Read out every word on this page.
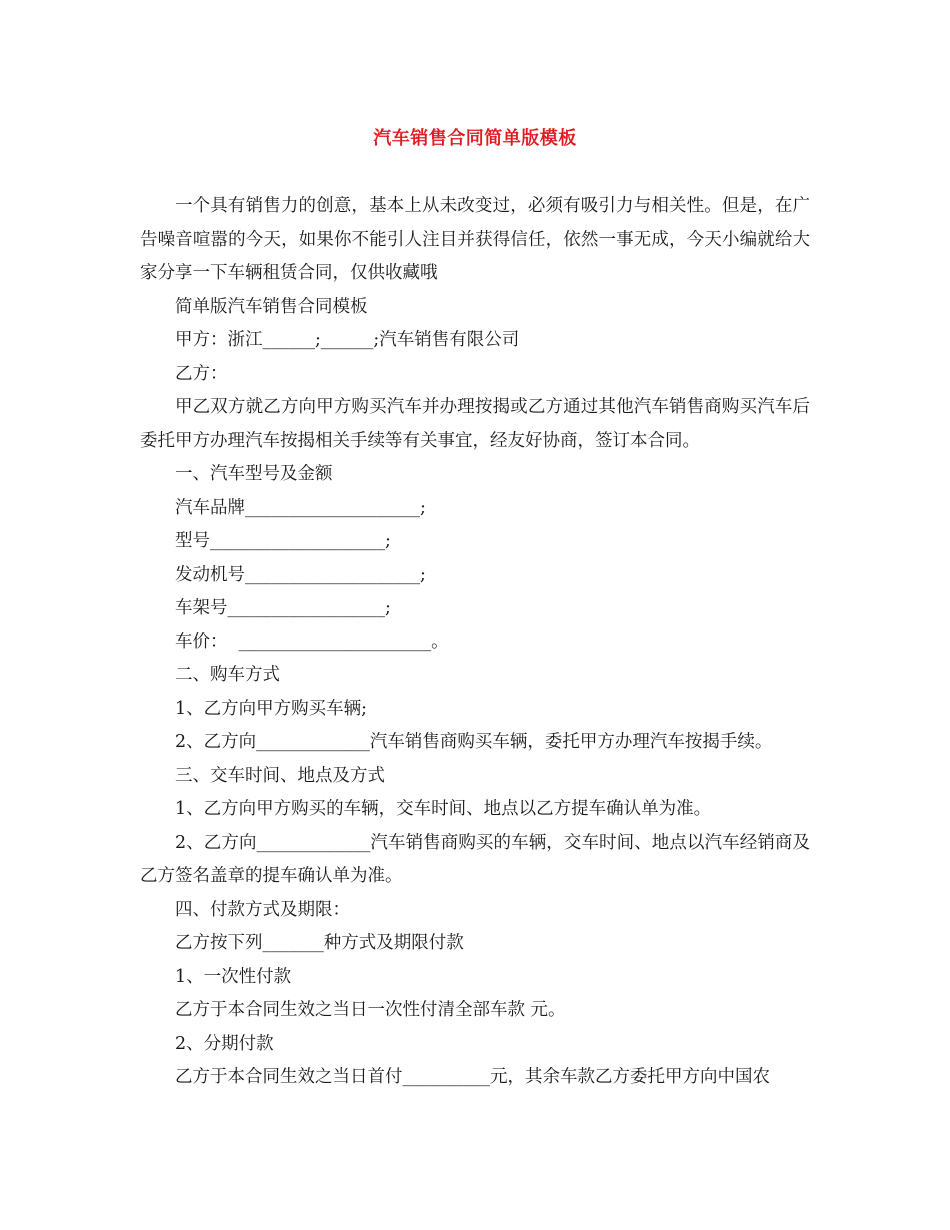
汽车销售合同简单版模板

一个具有销售力的创意，基本上从未改变过，必须有吸引力与相关性。但是，在广告噪音喧嚣的今天，如果你不能引人注目并获得信任，依然一事无成，今天小编就给大家分享一下车辆租赁合同，仅供收藏哦

简单版汽车销售合同模板

甲方：浙江______;______;汽车销售有限公司

乙方：

甲乙双方就乙方向甲方购买汽车并办理按揭或乙方通过其他汽车销售商购买汽车后委托甲方办理汽车按揭相关手续等有关事宜，经友好协商，签订本合同。

一、汽车型号及金额

汽车品牌____________________;

型号____________________;

发动机号____________________;

车架号__________________;

车价：  ______________________。

二、购车方式

1、乙方向甲方购买车辆;

2、乙方向_____________汽车销售商购买车辆，委托甲方办理汽车按揭手续。

三、交车时间、地点及方式

1、乙方向甲方购买的车辆，交车时间、地点以乙方提车确认单为准。

2、乙方向_____________汽车销售商购买的车辆，交车时间、地点以汽车经销商及乙方签名盖章的提车确认单为准。

四、付款方式及期限：

乙方按下列_______种方式及期限付款

1、一次性付款

乙方于本合同生效之当日一次性付清全部车款 元。

2、分期付款

乙方于本合同生效之当日首付__________元，其余车款乙方委托甲方向中国农
